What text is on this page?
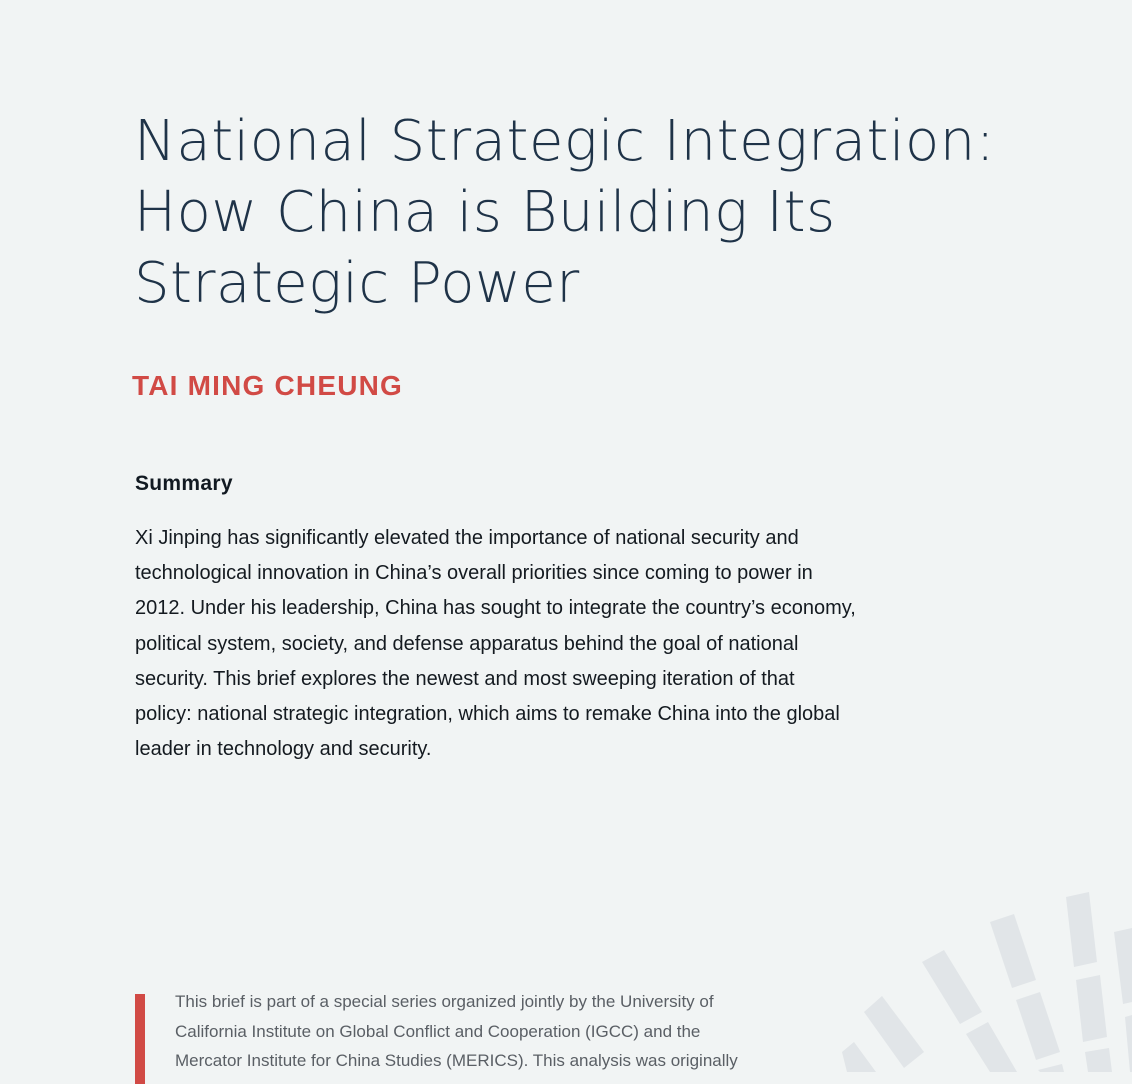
National Strategic Integration:
How China is Building Its
Strategic Power
TAI MING CHEUNG
Summary

Xi Jinping has significantly elevated the importance of national security and
technological innovation in China’s overall priorities since coming to power in
2012. Under his leadership, China has sought to integrate the country’s economy,
political system, society, and defense apparatus behind the goal of national
security. This brief explores the newest and most sweeping iteration of that
policy: national strategic integration, which aims to remake China into the global
leader in technology and security.

This brief is part of a special series organized jointly by the University of
California Institute on Global Conflict and Cooperation (IGCC) and the
Mercator Institute for China Studies (MERICS). This analysis was originally
